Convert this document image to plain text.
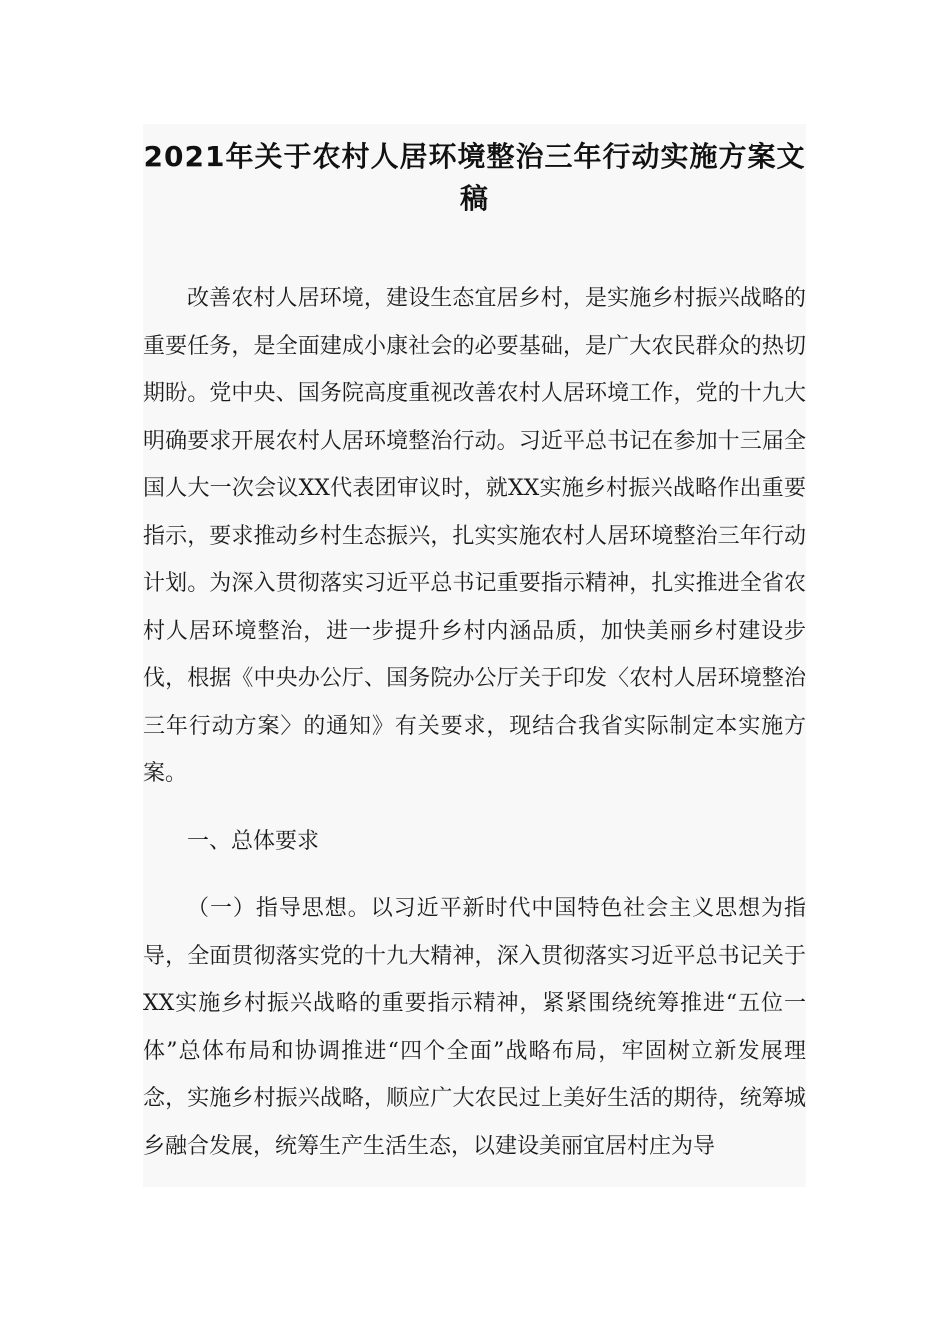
2021年关于农村人居环境整治三年行动实施方案文稿

改善农村人居环境，建设生态宜居乡村，是实施乡村振兴战略的重要任务，是全面建成小康社会的必要基础，是广大农民群众的热切期盼。党中央、国务院高度重视改善农村人居环境工作，党的十九大明确要求开展农村人居环境整治行动。习近平总书记在参加十三届全国人大一次会议XX代表团审议时，就XX实施乡村振兴战略作出重要指示，要求推动乡村生态振兴，扎实实施农村人居环境整治三年行动计划。为深入贯彻落实习近平总书记重要指示精神，扎实推进全省农村人居环境整治，进一步提升乡村内涵品质，加快美丽乡村建设步伐，根据《中央办公厅、国务院办公厅关于印发〈农村人居环境整治三年行动方案〉的通知》有关要求，现结合我省实际制定本实施方案。

一、总体要求

（一）指导思想。以习近平新时代中国特色社会主义思想为指导，全面贯彻落实党的十九大精神，深入贯彻落实习近平总书记关于XX实施乡村振兴战略的重要指示精神，紧紧围绕统筹推进“五位一体”总体布局和协调推进“四个全面”战略布局，牢固树立新发展理念，实施乡村振兴战略，顺应广大农民过上美好生活的期待，统筹城乡融合发展，统筹生产生活生态，以建设美丽宜居村庄为导
